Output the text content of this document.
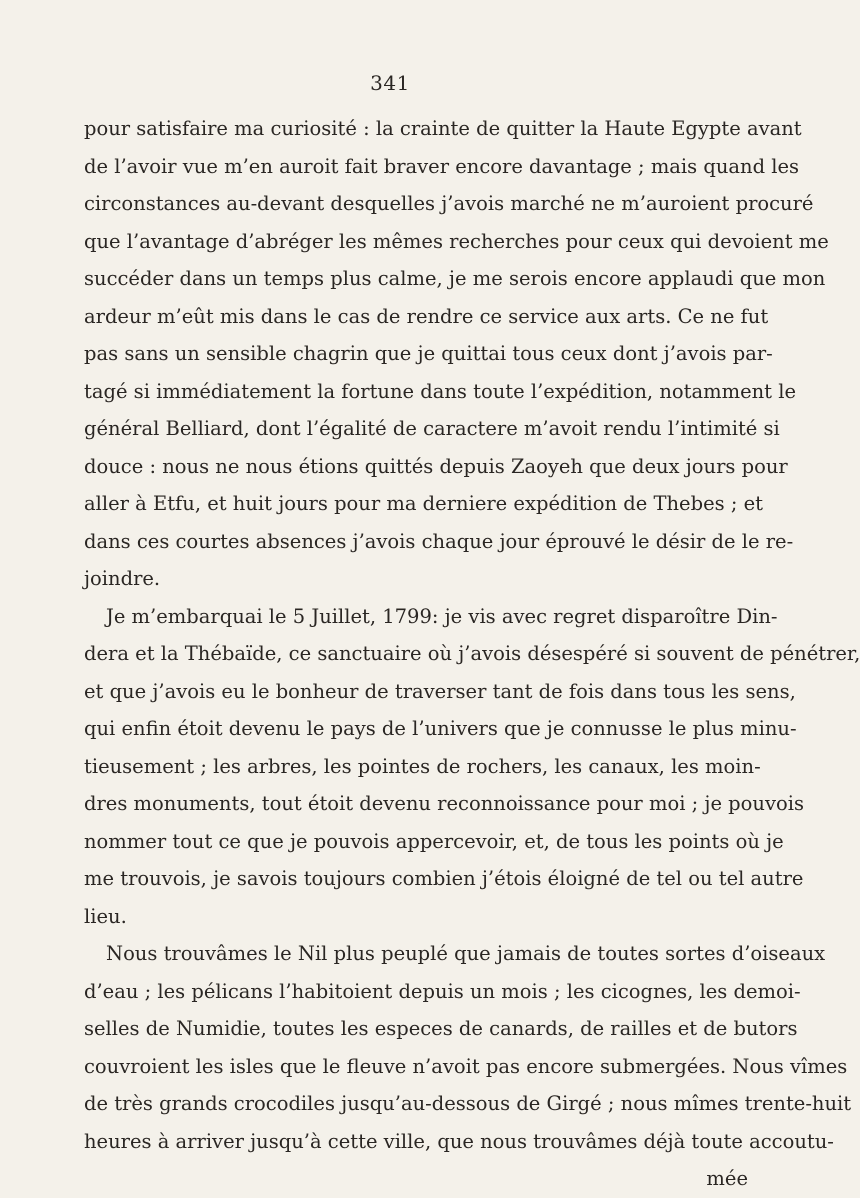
341
pour satisfaire ma curiosité : la crainte de quitter la Haute Egypte avant
de l’avoir vue m’en auroit fait braver encore davantage ; mais quand les
circonstances au-devant desquelles j’avois marché ne m’auroient procuré
que l’avantage d’abréger les mêmes recherches pour ceux qui devoient me
succéder dans un temps plus calme, je me serois encore applaudi que mon
ardeur m’eût mis dans le cas de rendre ce service aux arts. Ce ne fut
pas sans un sensible chagrin que je quittai tous ceux dont j’avois par-
tagé si immédiatement la fortune dans toute l’expédition, notamment le
général Belliard, dont l’égalité de caractere m’avoit rendu l’intimité si
douce : nous ne nous étions quittés depuis Zaoyeh que deux jours pour
aller à Etfu, et huit jours pour ma derniere expédition de Thebes ; et
dans ces courtes absences j’avois chaque jour éprouvé le désir de le re-
joindre.
Je m’embarquai le 5 Juillet, 1799: je vis avec regret disparoître Din-
dera et la Thébaïde, ce sanctuaire où j’avois désespéré si souvent de pénétrer,
et que j’avois eu le bonheur de traverser tant de fois dans tous les sens,
qui enfin étoit devenu le pays de l’univers que je connusse le plus minu-
tieusement ; les arbres, les pointes de rochers, les canaux, les moin-
dres monuments, tout étoit devenu reconnoissance pour moi ; je pouvois
nommer tout ce que je pouvois appercevoir, et, de tous les points où je
me trouvois, je savois toujours combien j’étois éloigné de tel ou tel autre
lieu.
Nous trouvâmes le Nil plus peuplé que jamais de toutes sortes d’oiseaux
d’eau ; les pélicans l’habitoient depuis un mois ; les cicognes, les demoi-
selles de Numidie, toutes les especes de canards, de railles et de butors
couvroient les isles que le fleuve n’avoit pas encore submergées. Nous vîmes
de très grands crocodiles jusqu’au-dessous de Girgé ; nous mîmes trente-huit
heures à arriver jusqu’à cette ville, que nous trouvâmes déjà toute accoutu-
mée
